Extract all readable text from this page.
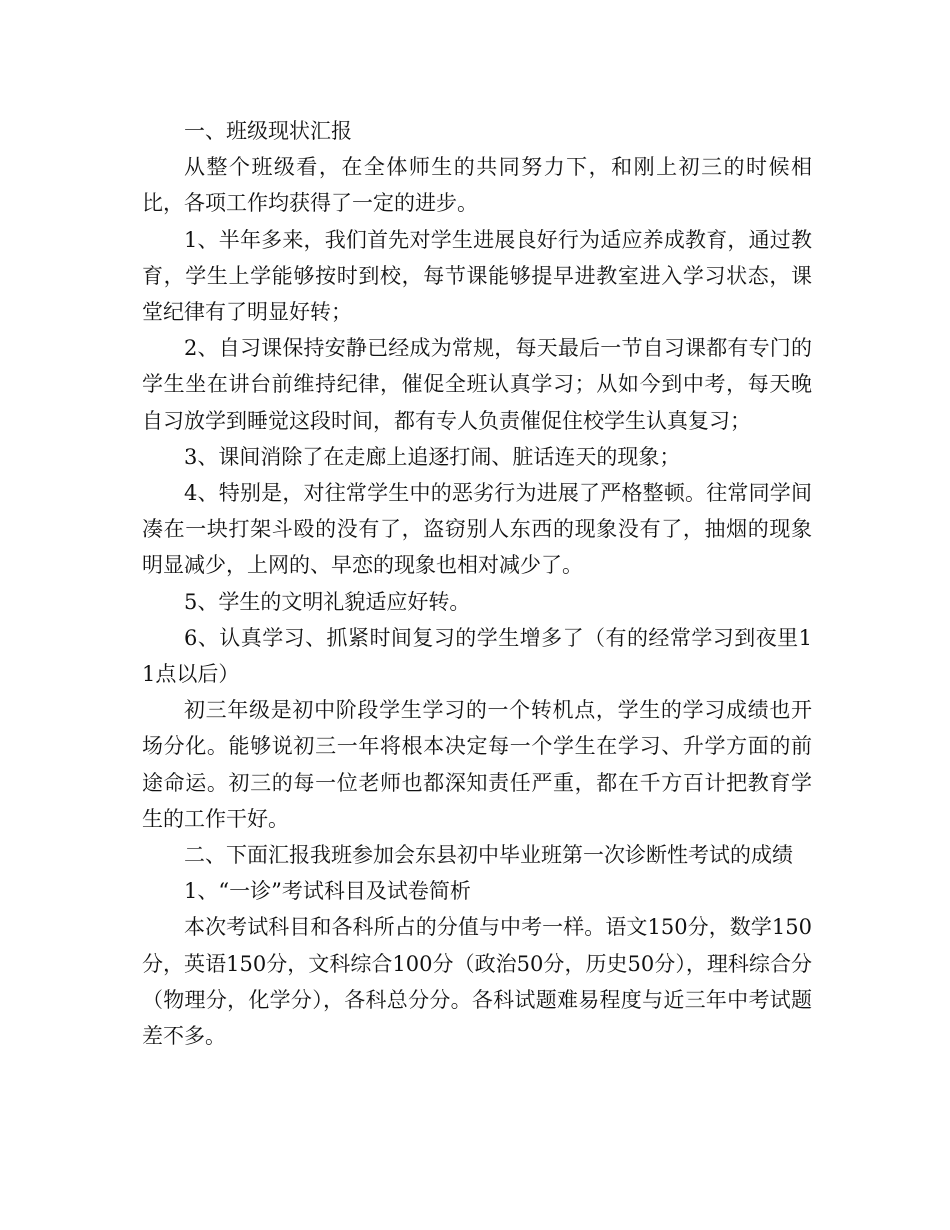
一、班级现状汇报

从整个班级看，在全体师生的共同努力下，和刚上初三的时候相比，各项工作均获得了一定的进步。

1、半年多来，我们首先对学生进展良好行为适应养成教育，通过教育，学生上学能够按时到校，每节课能够提早进教室进入学习状态，课堂纪律有了明显好转；

2、自习课保持安静已经成为常规，每天最后一节自习课都有专门的学生坐在讲台前维持纪律，催促全班认真学习；从如今到中考，每天晚自习放学到睡觉这段时间，都有专人负责催促住校学生认真复习；

3、课间消除了在走廊上追逐打闹、脏话连天的现象；

4、特别是，对往常学生中的恶劣行为进展了严格整顿。往常同学间凑在一块打架斗殴的没有了，盗窃别人东西的现象没有了，抽烟的现象明显减少，上网的、早恋的现象也相对减少了。

5、学生的文明礼貌适应好转。

6、认真学习、抓紧时间复习的学生增多了（有的经常学习到夜里11点以后）

初三年级是初中阶段学生学习的一个转机点，学生的学习成绩也开场分化。能够说初三一年将根本决定每一个学生在学习、升学方面的前途命运。初三的每一位老师也都深知责任严重，都在千方百计把教育学生的工作干好。

二、下面汇报我班参加会东县初中毕业班第一次诊断性考试的成绩

1、“一诊”考试科目及试卷简析

本次考试科目和各科所占的分值与中考一样。语文150分，数学150分，英语150分，文科综合100分（政治50分，历史50分），理科综合分（物理分，化学分），各科总分分。各科试题难易程度与近三年中考试题差不多。
